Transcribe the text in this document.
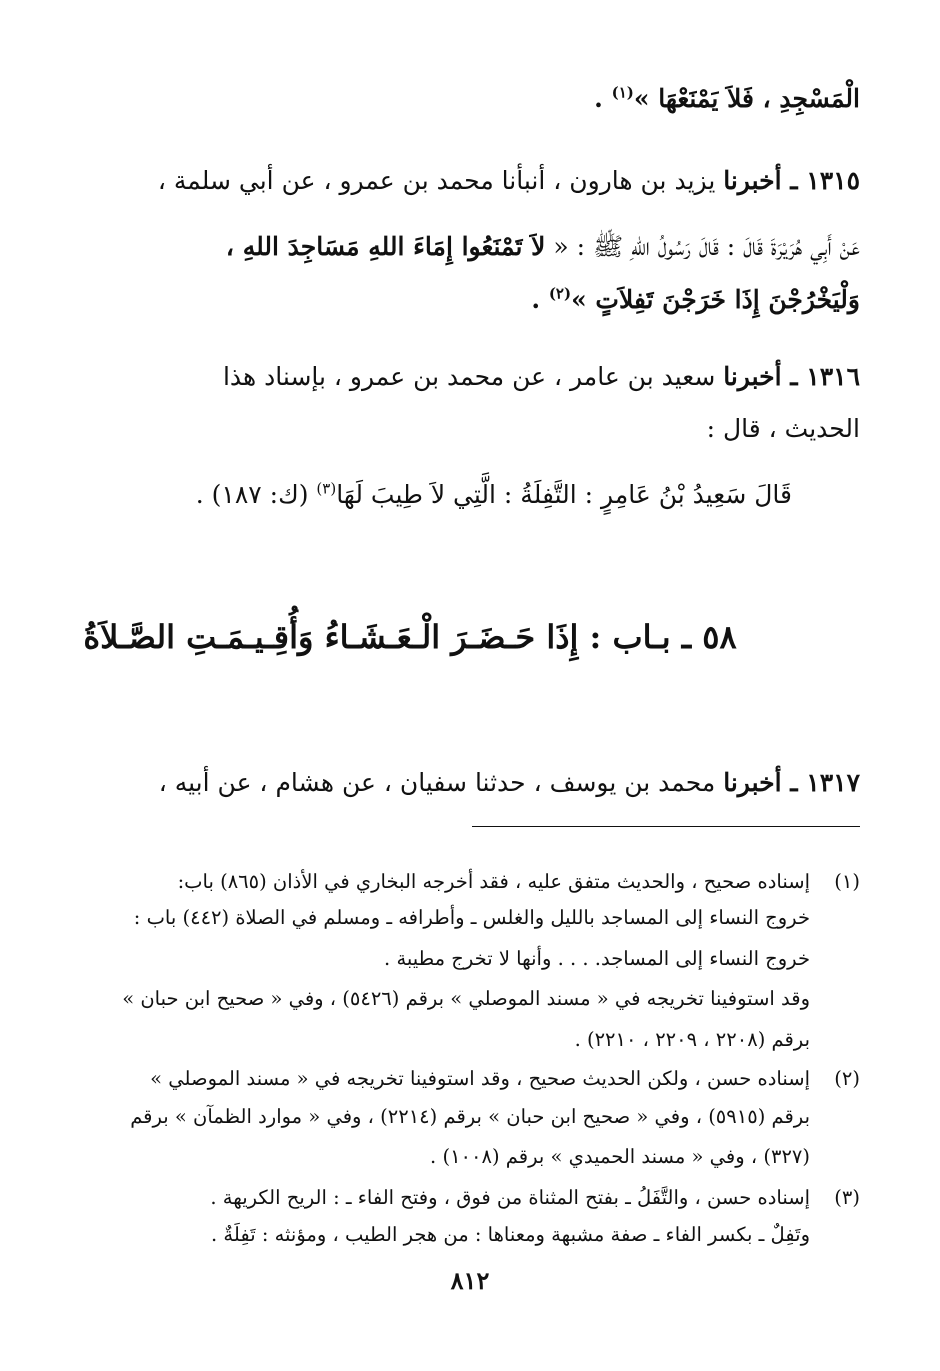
الْمَسْجِدِ ، فَلاَ يَمْنَعْهَا »$^{(١)}$ .
١٣١٥ ـ أخبرنا يزيد بن هارون ، أنبأنا محمد بن عمرو ، عن أبي سلمة ،
عَنْ أَبِي هُرَيْرَةَ قَالَ : قَالَ رَسُولُ اللهِ ﷺ : « لاَ تَمْنَعُوا إِمَاءَ اللهِ مَسَاجِدَ اللهِ ،
وَلْيَخْرُجْنَ إِذَا خَرَجْنَ تَفِلاَتٍ »$^{(٢)}$ .
١٣١٦ ـ أخبرنا سعيد بن عامر ، عن محمد بن عمرو ، بإسناد هذا
الحديث ، قال :
قَالَ سَعِيدُ بْنُ عَامِرٍ : التَّفِلَةُ : الَّتِي لاَ طِيبَ لَهَا$^{(٣)}$ (ك: ١٨٧) .
٥٨ ـ بـاب : إِذَا حَـضَـرَ الْـعَـشَـاءُ وَأُقِـيـمَـتِ الصَّـلاَةُ
١٣١٧ ـ أخبرنا محمد بن يوسف ، حدثنا سفيان ، عن هشام ، عن أبيه ،
(١)
إسناده صحيح ، والحديث متفق عليه ، فقد أخرجه البخاري في الأذان (٨٦٥) باب:
خروج النساء إلى المساجد بالليل والغلس ـ وأطرافه ـ ومسلم في الصلاة (٤٤٢) باب :
خروج النساء إلى المساجد. . . . وأنها لا تخرج مطيبة .
وقد استوفينا تخريجه في « مسند الموصلي » برقم (٥٤٢٦) ، وفي « صحيح ابن حبان »
برقم (٢٢٠٨ ، ٢٢٠٩ ، ٢٢١٠) .
(٢)
إسناده حسن ، ولكن الحديث صحيح ، وقد استوفينا تخريجه في « مسند الموصلي »
برقم (٥٩١٥) ، وفي « صحيح ابن حبان » برقم (٢٢١٤) ، وفي « موارد الظمآن » برقم
(٣٢٧) ، وفي « مسند الحميدي » برقم (١٠٠٨) .
(٣)
إسناده حسن ، والتَّفَلُ ـ بفتح المثناة من فوق ، وفتح الفاء ـ : الريح الكريهة .
وتَفِلٌ ـ بكسر الفاء ـ صفة مشبهة ومعناها : من هجر الطيب ، ومؤنثه : تَفِلَةٌ .
٨١٢
